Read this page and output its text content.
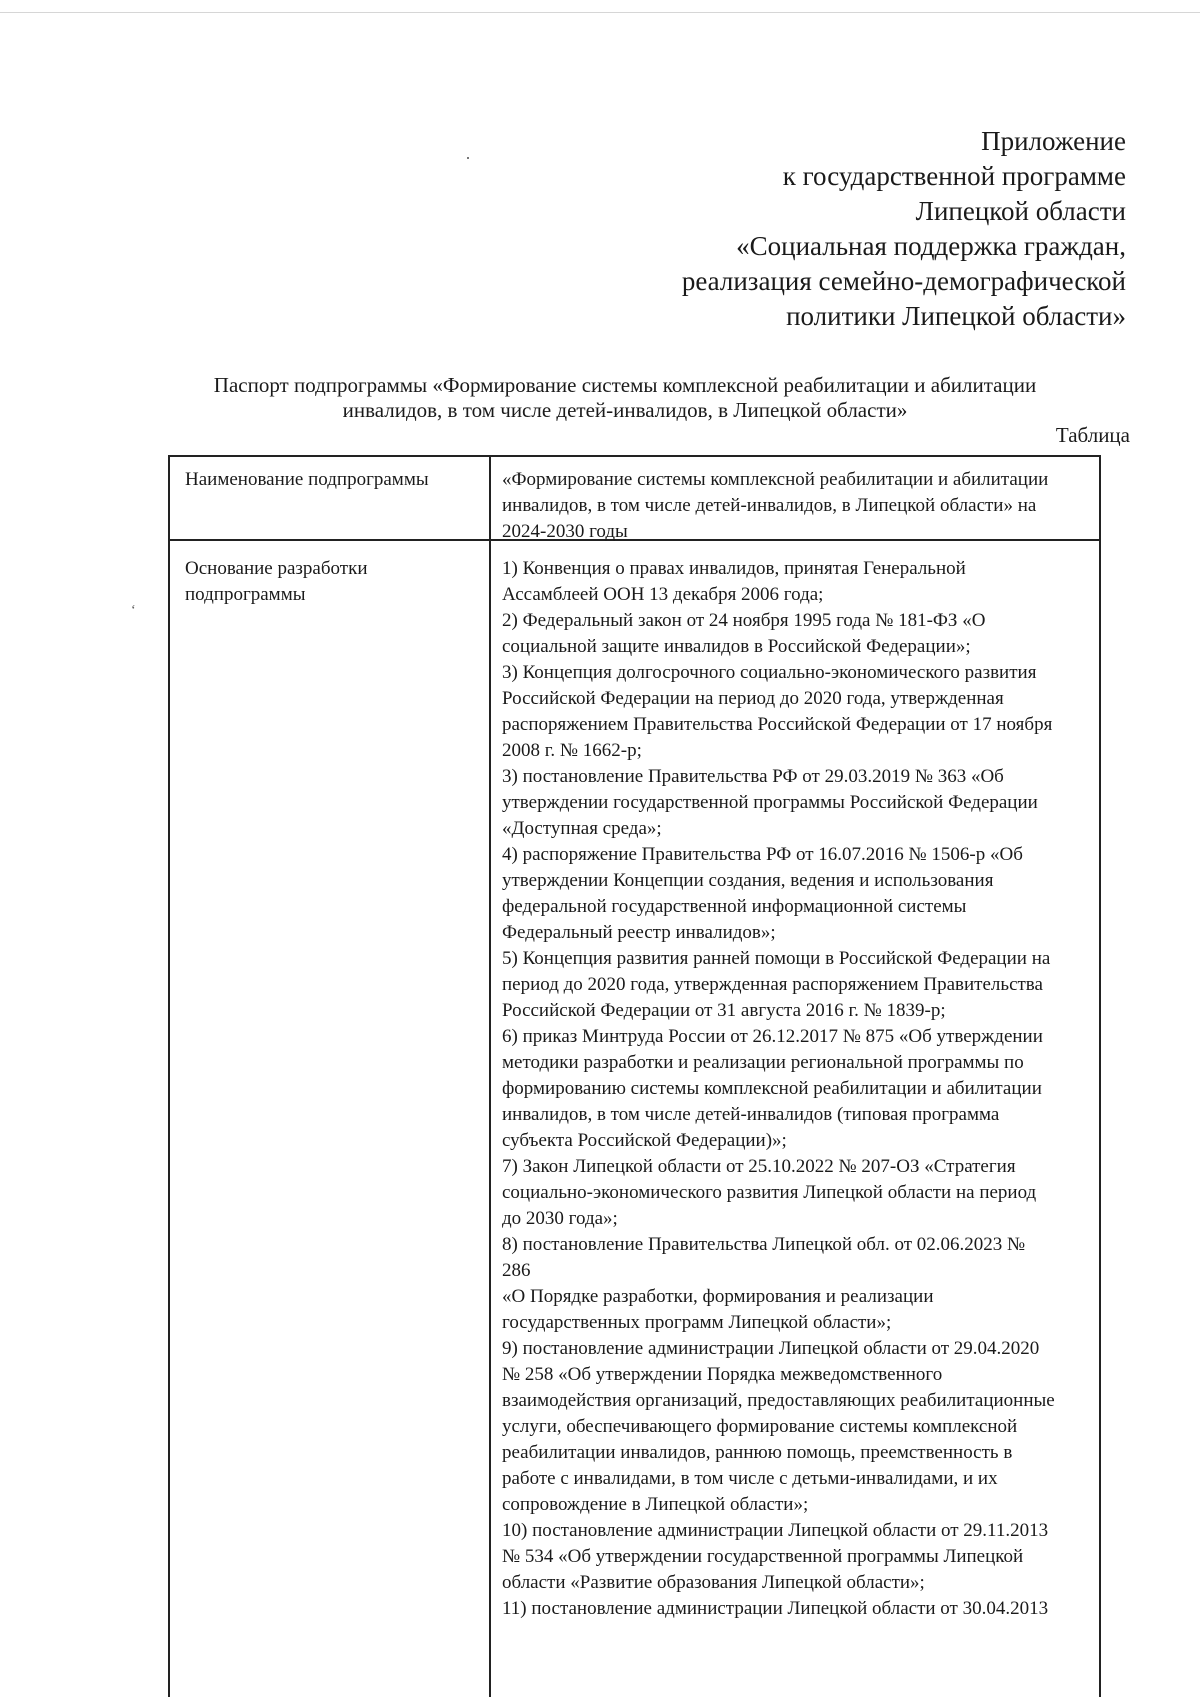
Приложение
к государственной программе
Липецкой области
«Социальная поддержка граждан,
реализация семейно-демографической
политики Липецкой области»
Паспорт подпрограммы «Формирование системы комплексной реабилитации и абилитации
инвалидов, в том числе детей-инвалидов, в Липецкой области»
Таблица
‘
Наименование подпрограммы	«Формирование системы комплексной реабилитации и абилитации
инвалидов, в том числе детей-инвалидов, в Липецкой области» на
2024-2030 годы
Основание разработки
подпрограммы
1) Конвенция о правах инвалидов, принятая Генеральной
Ассамблеей ООН 13 декабря 2006 года;
2) Федеральный закон от 24 ноября 1995 года № 181-ФЗ «О
социальной защите инвалидов в Российской Федерации»;
3) Концепция долгосрочного социально-экономического развития
Российской Федерации на период до 2020 года, утвержденная
распоряжением Правительства Российской Федерации от 17 ноября
2008 г. № 1662-р;
3) постановление Правительства РФ от 29.03.2019 № 363 «Об
утверждении государственной программы Российской Федерации
«Доступная среда»;
4) распоряжение Правительства РФ от 16.07.2016 № 1506-р «Об
утверждении Концепции создания, ведения и использования
федеральной государственной информационной системы
Федеральный реестр инвалидов»;
5) Концепция развития ранней помощи в Российской Федерации на
период до 2020 года, утвержденная распоряжением Правительства
Российской Федерации от 31 августа 2016 г. № 1839-р;
6) приказ Минтруда России от 26.12.2017 № 875 «Об утверждении
методики разработки и реализации региональной программы по
формированию системы комплексной реабилитации и абилитации
инвалидов, в том числе детей-инвалидов (типовая программа
субъекта Российской Федерации)»;
7) Закон Липецкой области от 25.10.2022 № 207-ОЗ «Стратегия
социально-экономического развития Липецкой области на период
до 2030 года»;
8) постановление Правительства Липецкой обл. от 02.06.2023 №
286
«О Порядке разработки, формирования и реализации
государственных программ Липецкой области»;
9) постановление администрации Липецкой области от 29.04.2020
№ 258 «Об утверждении Порядка межведомственного
взаимодействия организаций, предоставляющих реабилитационные
услуги, обеспечивающего формирование системы комплексной
реабилитации инвалидов, раннюю помощь, преемственность в
работе с инвалидами, в том числе с детьми-инвалидами, и их
сопровождение в Липецкой области»;
10) постановление администрации Липецкой области от 29.11.2013
№ 534 «Об утверждении государственной программы Липецкой
области «Развитие образования Липецкой области»;
11) постановление администрации Липецкой области от 30.04.2013
